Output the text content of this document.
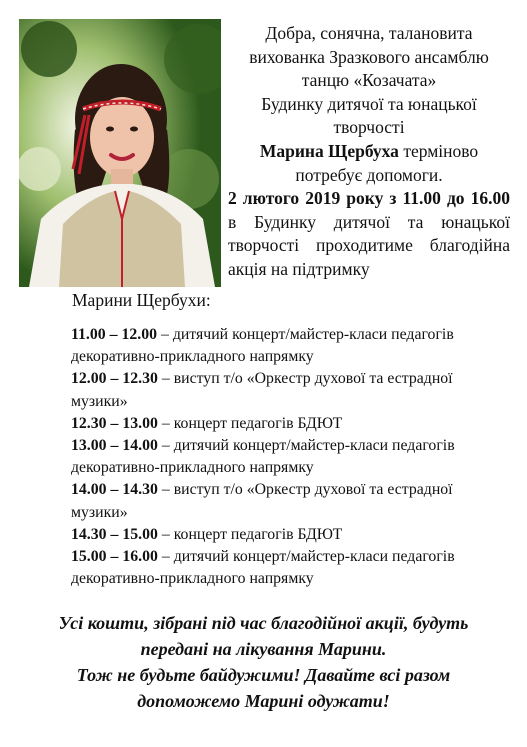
Добра, сонячна, талановита

вихованка Зразкового ансамблю

танцю «Козачата»

Будинку дитячої та юнацької

творчості

Марина Щербуха терміново

потребує допомоги.

2 лютого 2019 року з 11.00 до 16.00 в Будинку дитячої та юнацької творчості проходитиме благодійна акція на підтримку

Марини Щербухи:

11.00 – 12.00 – дитячий концерт/майстер-класи педагогів декоративно-прикладного напрямку

12.00 – 12.30 – виступ т/о «Оркестр духової та естрадної музики»

12.30 – 13.00 – концерт педагогів БДЮТ

13.00 – 14.00 – дитячий концерт/майстер-класи педагогів декоративно-прикладного напрямку

14.00 – 14.30 – виступ т/о «Оркестр духової та естрадної музики»

14.30 – 15.00 – концерт педагогів БДЮТ

15.00 – 16.00 – дитячий концерт/майстер-класи педагогів декоративно-прикладного напрямку

Усі кошти, зібрані під час благодійної акції, будуть

передані на лікування Марини.

Тож не будьте байдужими! Давайте всі разом

допоможемо Марині одужати!
